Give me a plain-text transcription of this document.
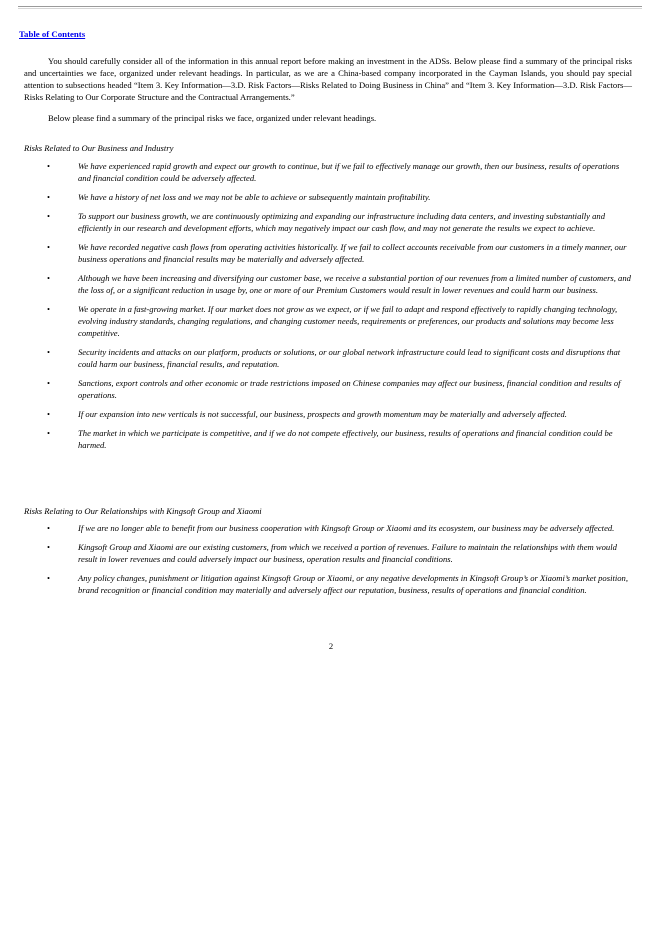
Table of Contents

You should carefully consider all of the information in this annual report before making an investment in the ADSs. Below please find a summary of the principal risks and uncertainties we face, organized under relevant headings. In particular, as we are a China-based company incorporated in the Cayman Islands, you should pay special attention to subsections headed “Item 3. Key Information—3.D. Risk Factors—Risks Related to Doing Business in China” and “Item 3. Key Information—3.D. Risk Factors—Risks Relating to Our Corporate Structure and the Contractual Arrangements.”

Below please find a summary of the principal risks we face, organized under relevant headings.

Risks Related to Our Business and Industry

•	We have experienced rapid growth and expect our growth to continue, but if we fail to effectively manage our growth, then our business, results of operations and financial condition could be adversely affected.
•	We have a history of net loss and we may not be able to achieve or subsequently maintain profitability.
•	To support our business growth, we are continuously optimizing and expanding our infrastructure including data centers, and investing substantially and efficiently in our research and development efforts, which may negatively impact our cash flow, and may not generate the results we expect to achieve.
•	We have recorded negative cash flows from operating activities historically. If we fail to collect accounts receivable from our customers in a timely manner, our business operations and financial results may be materially and adversely affected.
•	Although we have been increasing and diversifying our customer base, we receive a substantial portion of our revenues from a limited number of customers, and the loss of, or a significant reduction in usage by, one or more of our Premium Customers would result in lower revenues and could harm our business.
•	We operate in a fast-growing market. If our market does not grow as we expect, or if we fail to adapt and respond effectively to rapidly changing technology, evolving industry standards, changing regulations, and changing customer needs, requirements or preferences, our products and solutions may become less competitive.
•	Security incidents and attacks on our platform, products or solutions, or our global network infrastructure could lead to significant costs and disruptions that could harm our business, financial results, and reputation.
•	Sanctions, export controls and other economic or trade restrictions imposed on Chinese companies may affect our business, financial condition and results of operations.
•	If our expansion into new verticals is not successful, our business, prospects and growth momentum may be materially and adversely affected.
•	The market in which we participate is competitive, and if we do not compete effectively, our business, results of operations and financial condition could be harmed.

Risks Relating to Our Relationships with Kingsoft Group and Xiaomi

•	If we are no longer able to benefit from our business cooperation with Kingsoft Group or Xiaomi and its ecosystem, our business may be adversely affected.
•	Kingsoft Group and Xiaomi are our existing customers, from which we received a portion of revenues. Failure to maintain the relationships with them would result in lower revenues and could adversely impact our business, operation results and financial conditions.
•	Any policy changes, punishment or litigation against Kingsoft Group or Xiaomi, or any negative developments in Kingsoft Group’s or Xiaomi’s market position, brand recognition or financial condition may materially and adversely affect our reputation, business, results of operations and financial condition.
2
